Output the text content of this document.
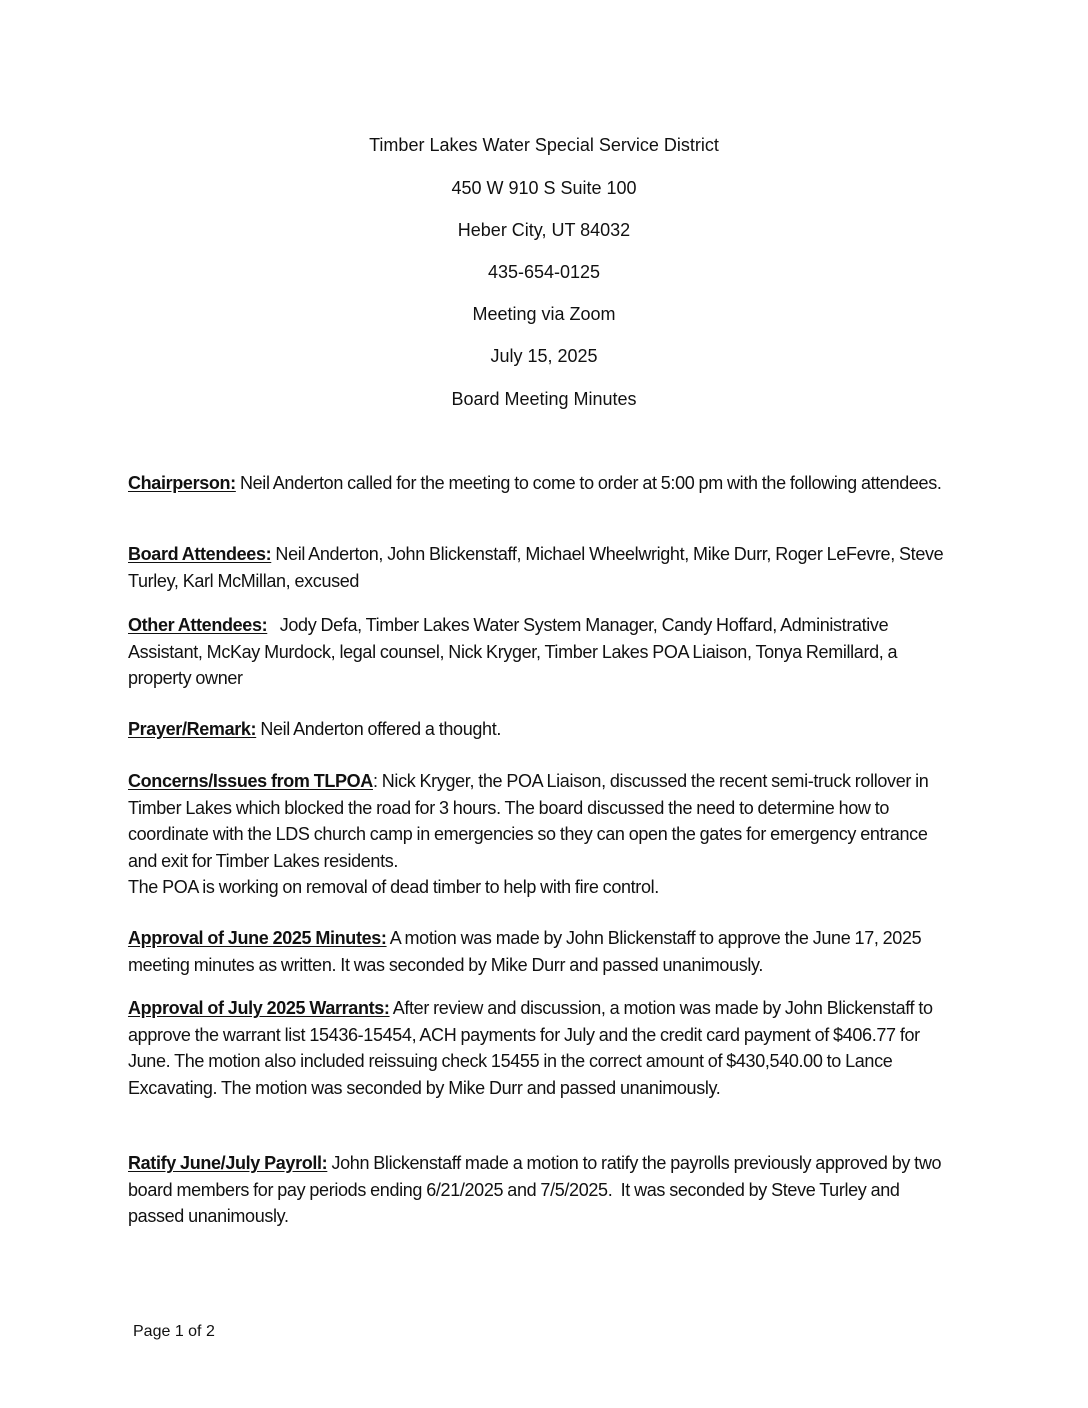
Timber Lakes Water Special Service District
450 W 910 S Suite 100
Heber City, UT 84032
435-654-0125
Meeting via Zoom
July 15, 2025
Board Meeting Minutes
Chairperson: Neil Anderton called for the meeting to come to order at 5:00 pm with the following attendees.
Board Attendees: Neil Anderton, John Blickenstaff, Michael Wheelwright, Mike Durr, Roger LeFevre, Steve Turley, Karl McMillan, excused
Other Attendees:   Jody Defa, Timber Lakes Water System Manager, Candy Hoffard, Administrative Assistant, McKay Murdock, legal counsel, Nick Kryger, Timber Lakes POA Liaison, Tonya Remillard, a property owner
Prayer/Remark: Neil Anderton offered a thought.
Concerns/Issues from TLPOA: Nick Kryger, the POA Liaison, discussed the recent semi-truck rollover in Timber Lakes which blocked the road for 3 hours. The board discussed the need to determine how to coordinate with the LDS church camp in emergencies so they can open the gates for emergency entrance and exit for Timber Lakes residents.
The POA is working on removal of dead timber to help with fire control.
Approval of June 2025 Minutes: A motion was made by John Blickenstaff to approve the June 17, 2025 meeting minutes as written. It was seconded by Mike Durr and passed unanimously.
Approval of July 2025 Warrants: After review and discussion, a motion was made by John Blickenstaff to approve the warrant list 15436-15454, ACH payments for July and the credit card payment of $406.77 for June. The motion also included reissuing check 15455 in the correct amount of $430,540.00 to Lance Excavating. The motion was seconded by Mike Durr and passed unanimously.
Ratify June/July Payroll: John Blickenstaff made a motion to ratify the payrolls previously approved by two board members for pay periods ending 6/21/2025 and 7/5/2025.  It was seconded by Steve Turley and passed unanimously.
Page 1 of 2
